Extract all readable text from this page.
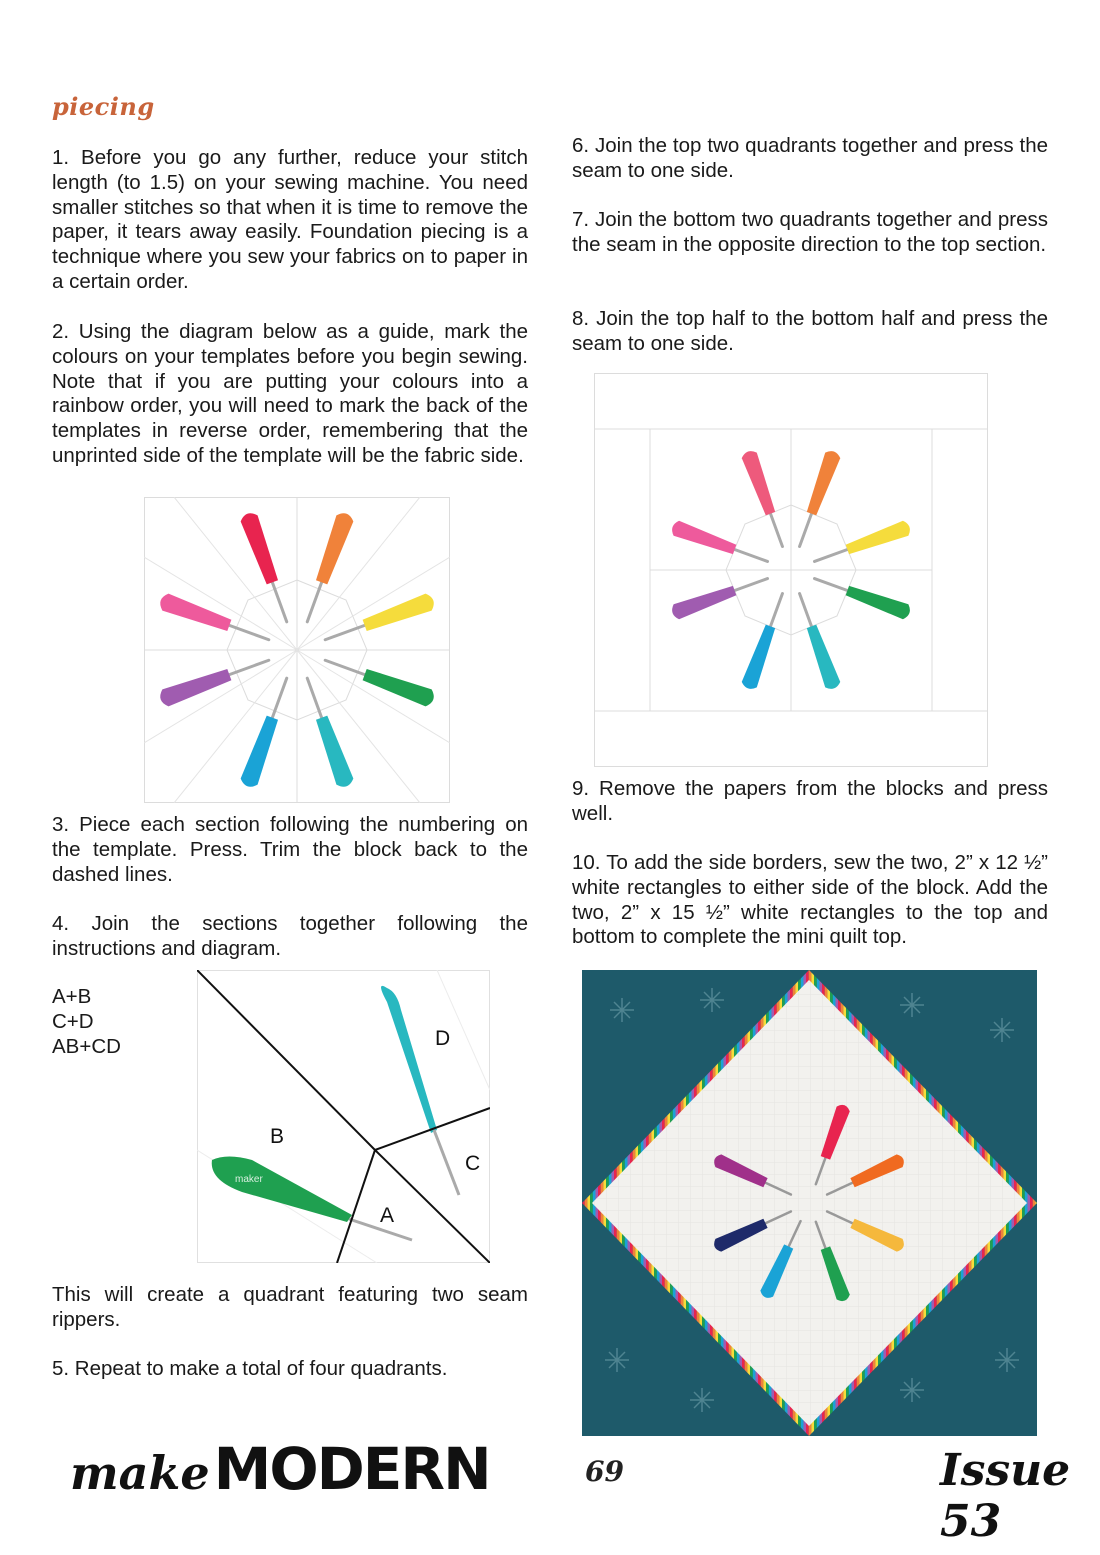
piecing

1. Before you go any further, reduce your stitch length (to 1.5) on your sewing machine. You need smaller stitches so that when it is time to remove the paper, it tears away easily. Foundation piecing is a technique where you sew your fabrics on to paper in a certain order.

2. Using the diagram below as a guide, mark the colours on your templates before you begin sewing. Note that if you are putting your colours into a rainbow order, you will need to mark the back of the templates in reverse order, remembering that the unprinted side of the template will be the fabric side.

3. Piece each section following the numbering on the template. Press. Trim the block back to the dashed lines.

4. Join the sections together following the instructions and diagram.

A+B
C+D
AB+CD
maker
D
B
C
A

This will create a quadrant featuring two seam rippers.

5. Repeat to make a total of four quadrants.

6. Join the top two quadrants together and press the seam to one side.

7. Join the bottom two quadrants together and press the seam in the opposite direction to the top section.

8. Join the top half to the bottom half and press the seam to one side.

9. Remove the papers from the blocks and press well.

10. To add the side borders, sew the two, 2” x 12 ½” white rectangles to either side of the block. Add the two, 2” x 15 ½” white rectangles to the top and bottom to complete the mini quilt top.

make MODERN	69	Issue 53
